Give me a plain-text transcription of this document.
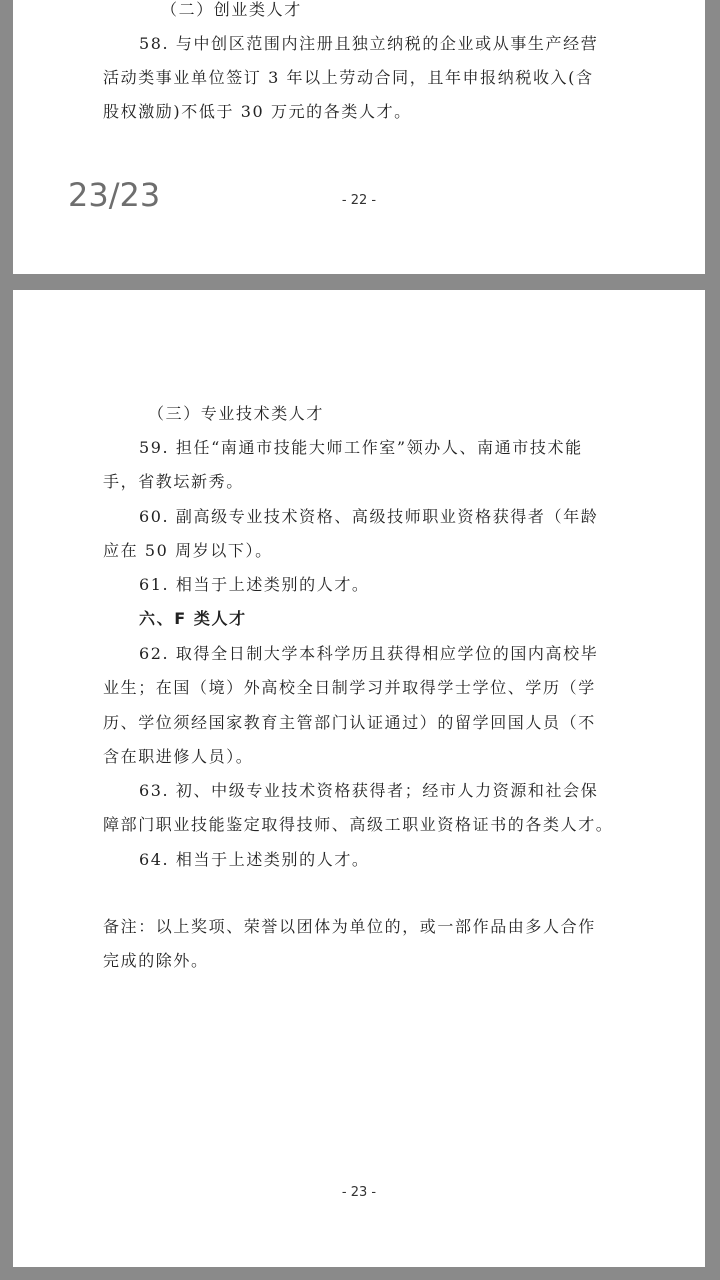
（二）创业类人才
58. 与中创区范围内注册且独立纳税的企业或从事生产经营
活动类事业单位签订 3 年以上劳动合同，且年申报纳税收入(含
股权激励)不低于 30 万元的各类人才。
- 22 -
23/23
（三）专业技术类人才
59. 担任“南通市技能大师工作室”领办人、南通市技术能
手，省教坛新秀。
60. 副高级专业技术资格、高级技师职业资格获得者（年龄
应在 50 周岁以下）。
61. 相当于上述类别的人才。
六、F 类人才
62. 取得全日制大学本科学历且获得相应学位的国内高校毕
业生；在国（境）外高校全日制学习并取得学士学位、学历（学
历、学位须经国家教育主管部门认证通过）的留学回国人员（不
含在职进修人员）。
63. 初、中级专业技术资格获得者；经市人力资源和社会保
障部门职业技能鉴定取得技师、高级工职业资格证书的各类人才。
64. 相当于上述类别的人才。
备注：以上奖项、荣誉以团体为单位的，或一部作品由多人合作
完成的除外。
- 23 -
